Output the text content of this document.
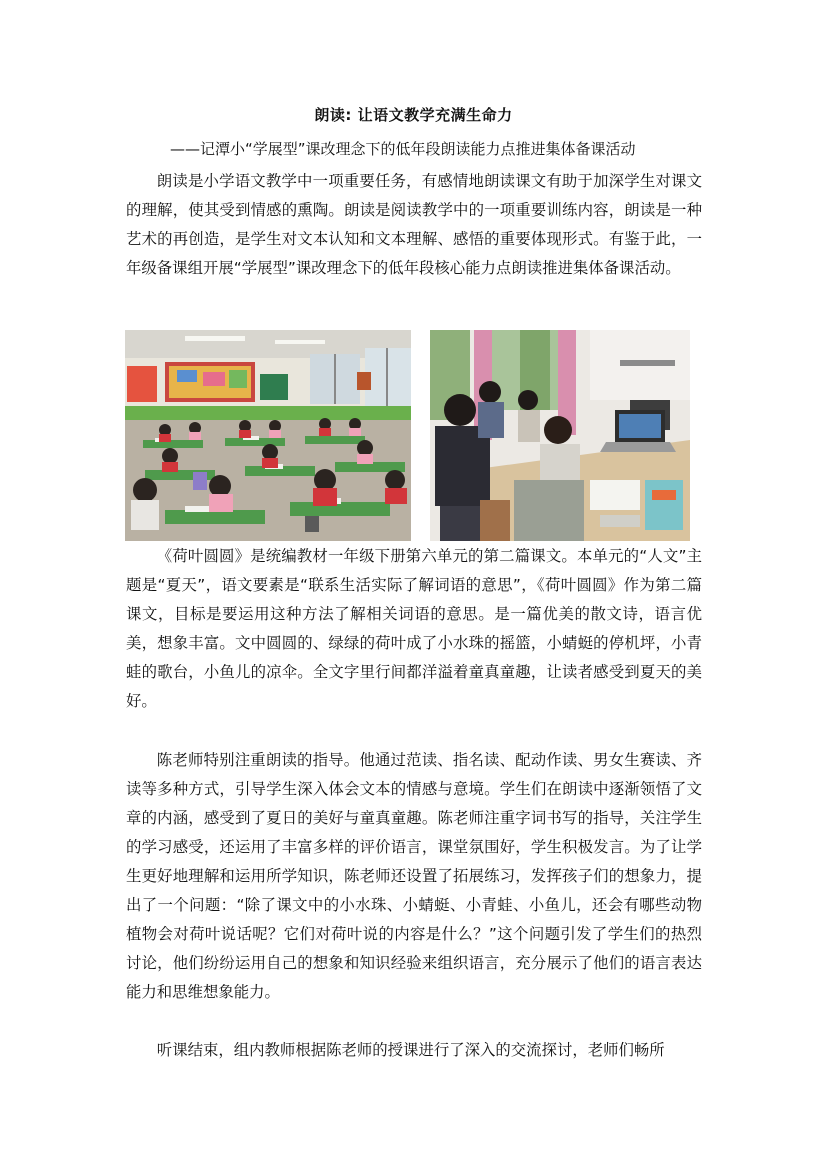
朗读: 让语文教学充满生命力
——记潭小“学展型”课改理念下的低年段朗读能力点推进集体备课活动

朗读是小学语文教学中一项重要任务，有感情地朗读课文有助于加深学生对课文的理解，使其受到情感的熏陶。朗读是阅读教学中的一项重要训练内容，朗读是一种艺术的再创造，是学生对文本认知和文本理解、感悟的重要体现形式。有鉴于此，一年级备课组开展“学展型”课改理念下的低年段核心能力点朗读推进集体备课活动。

《荷叶圆圆》是统编教材一年级下册第六单元的第二篇课文。本单元的“人文”主题是“夏天”，语文要素是“联系生活实际了解词语的意思”，《荷叶圆圆》作为第二篇课文，目标是要运用这种方法了解相关词语的意思。是一篇优美的散文诗，语言优美，想象丰富。文中圆圆的、绿绿的荷叶成了小水珠的摇篮，小蜻蜓的停机坪，小青蛙的歌台，小鱼儿的凉伞。全文字里行间都洋溢着童真童趣，让读者感受到夏天的美好。

陈老师特别注重朗读的指导。他通过范读、指名读、配动作读、男女生赛读、齐读等多种方式，引导学生深入体会文本的情感与意境。学生们在朗读中逐渐领悟了文章的内涵，感受到了夏日的美好与童真童趣。陈老师注重字词书写的指导，关注学生的学习感受，还运用了丰富多样的评价语言，课堂氛围好，学生积极发言。为了让学生更好地理解和运用所学知识，陈老师还设置了拓展练习，发挥孩子们的想象力，提出了一个问题：“除了课文中的小水珠、小蜻蜓、小青蛙、小鱼儿，还会有哪些动物植物会对荷叶说话呢？它们对荷叶说的内容是什么？”这个问题引发了学生们的热烈讨论，他们纷纷运用自己的想象和知识经验来组织语言，充分展示了他们的语言表达能力和思维想象能力。

听课结束，组内教师根据陈老师的授课进行了深入的交流探讨，老师们畅所
